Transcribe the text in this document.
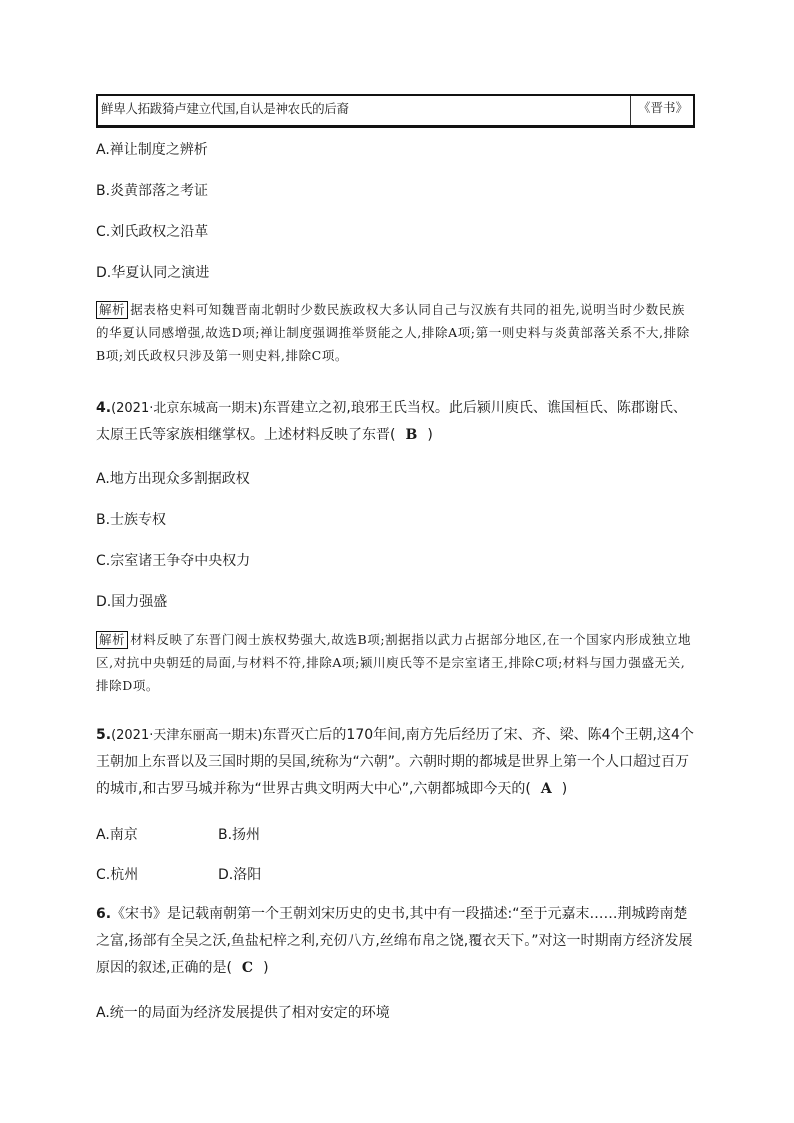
鲜卑人拓跋猗卢建立代国,自认是神农氏的后裔	《晋书》
A.禅让制度之辨析
B.炎黄部落之考证
C.刘氏政权之沿革
D.华夏认同之演进
解析 据表格史料可知魏晋南北朝时少数民族政权大多认同自己与汉族有共同的祖先,说明当时少数民族的华夏认同感增强,故选D项;禅让制度强调推举贤能之人,排除A项;第一则史料与炎黄部落关系不大,排除B项;刘氏政权只涉及第一则史料,排除C项。
4.(2021·北京东城高一期末)东晋建立之初,琅邪王氏当权。此后颍川庾氏、谯国桓氏、陈郡谢氏、太原王氏等家族相继掌权。上述材料反映了东晋( B )
A.地方出现众多割据政权
B.士族专权
C.宗室诸王争夺中央权力
D.国力强盛
解析 材料反映了东晋门阀士族权势强大,故选B项;割据指以武力占据部分地区,在一个国家内形成独立地区,对抗中央朝廷的局面,与材料不符,排除A项;颍川庾氏等不是宗室诸王,排除C项;材料与国力强盛无关,排除D项。
5.(2021·天津东丽高一期末)东晋灭亡后的170年间,南方先后经历了宋、齐、梁、陈4个王朝,这4个王朝加上东晋以及三国时期的吴国,统称为“六朝”。六朝时期的都城是世界上第一个人口超过百万的城市,和古罗马城并称为“世界古典文明两大中心”,六朝都城即今天的( A )
A.南京	B.扬州
C.杭州	D.洛阳
6.《宋书》是记载南朝第一个王朝刘宋历史的史书,其中有一段描述:“至于元嘉末……荆城跨南楚之富,扬部有全吴之沃,鱼盐杞梓之利,充仞八方,丝绵布帛之饶,覆衣天下。”对这一时期南方经济发展原因的叙述,正确的是( C )
A.统一的局面为经济发展提供了相对安定的环境
